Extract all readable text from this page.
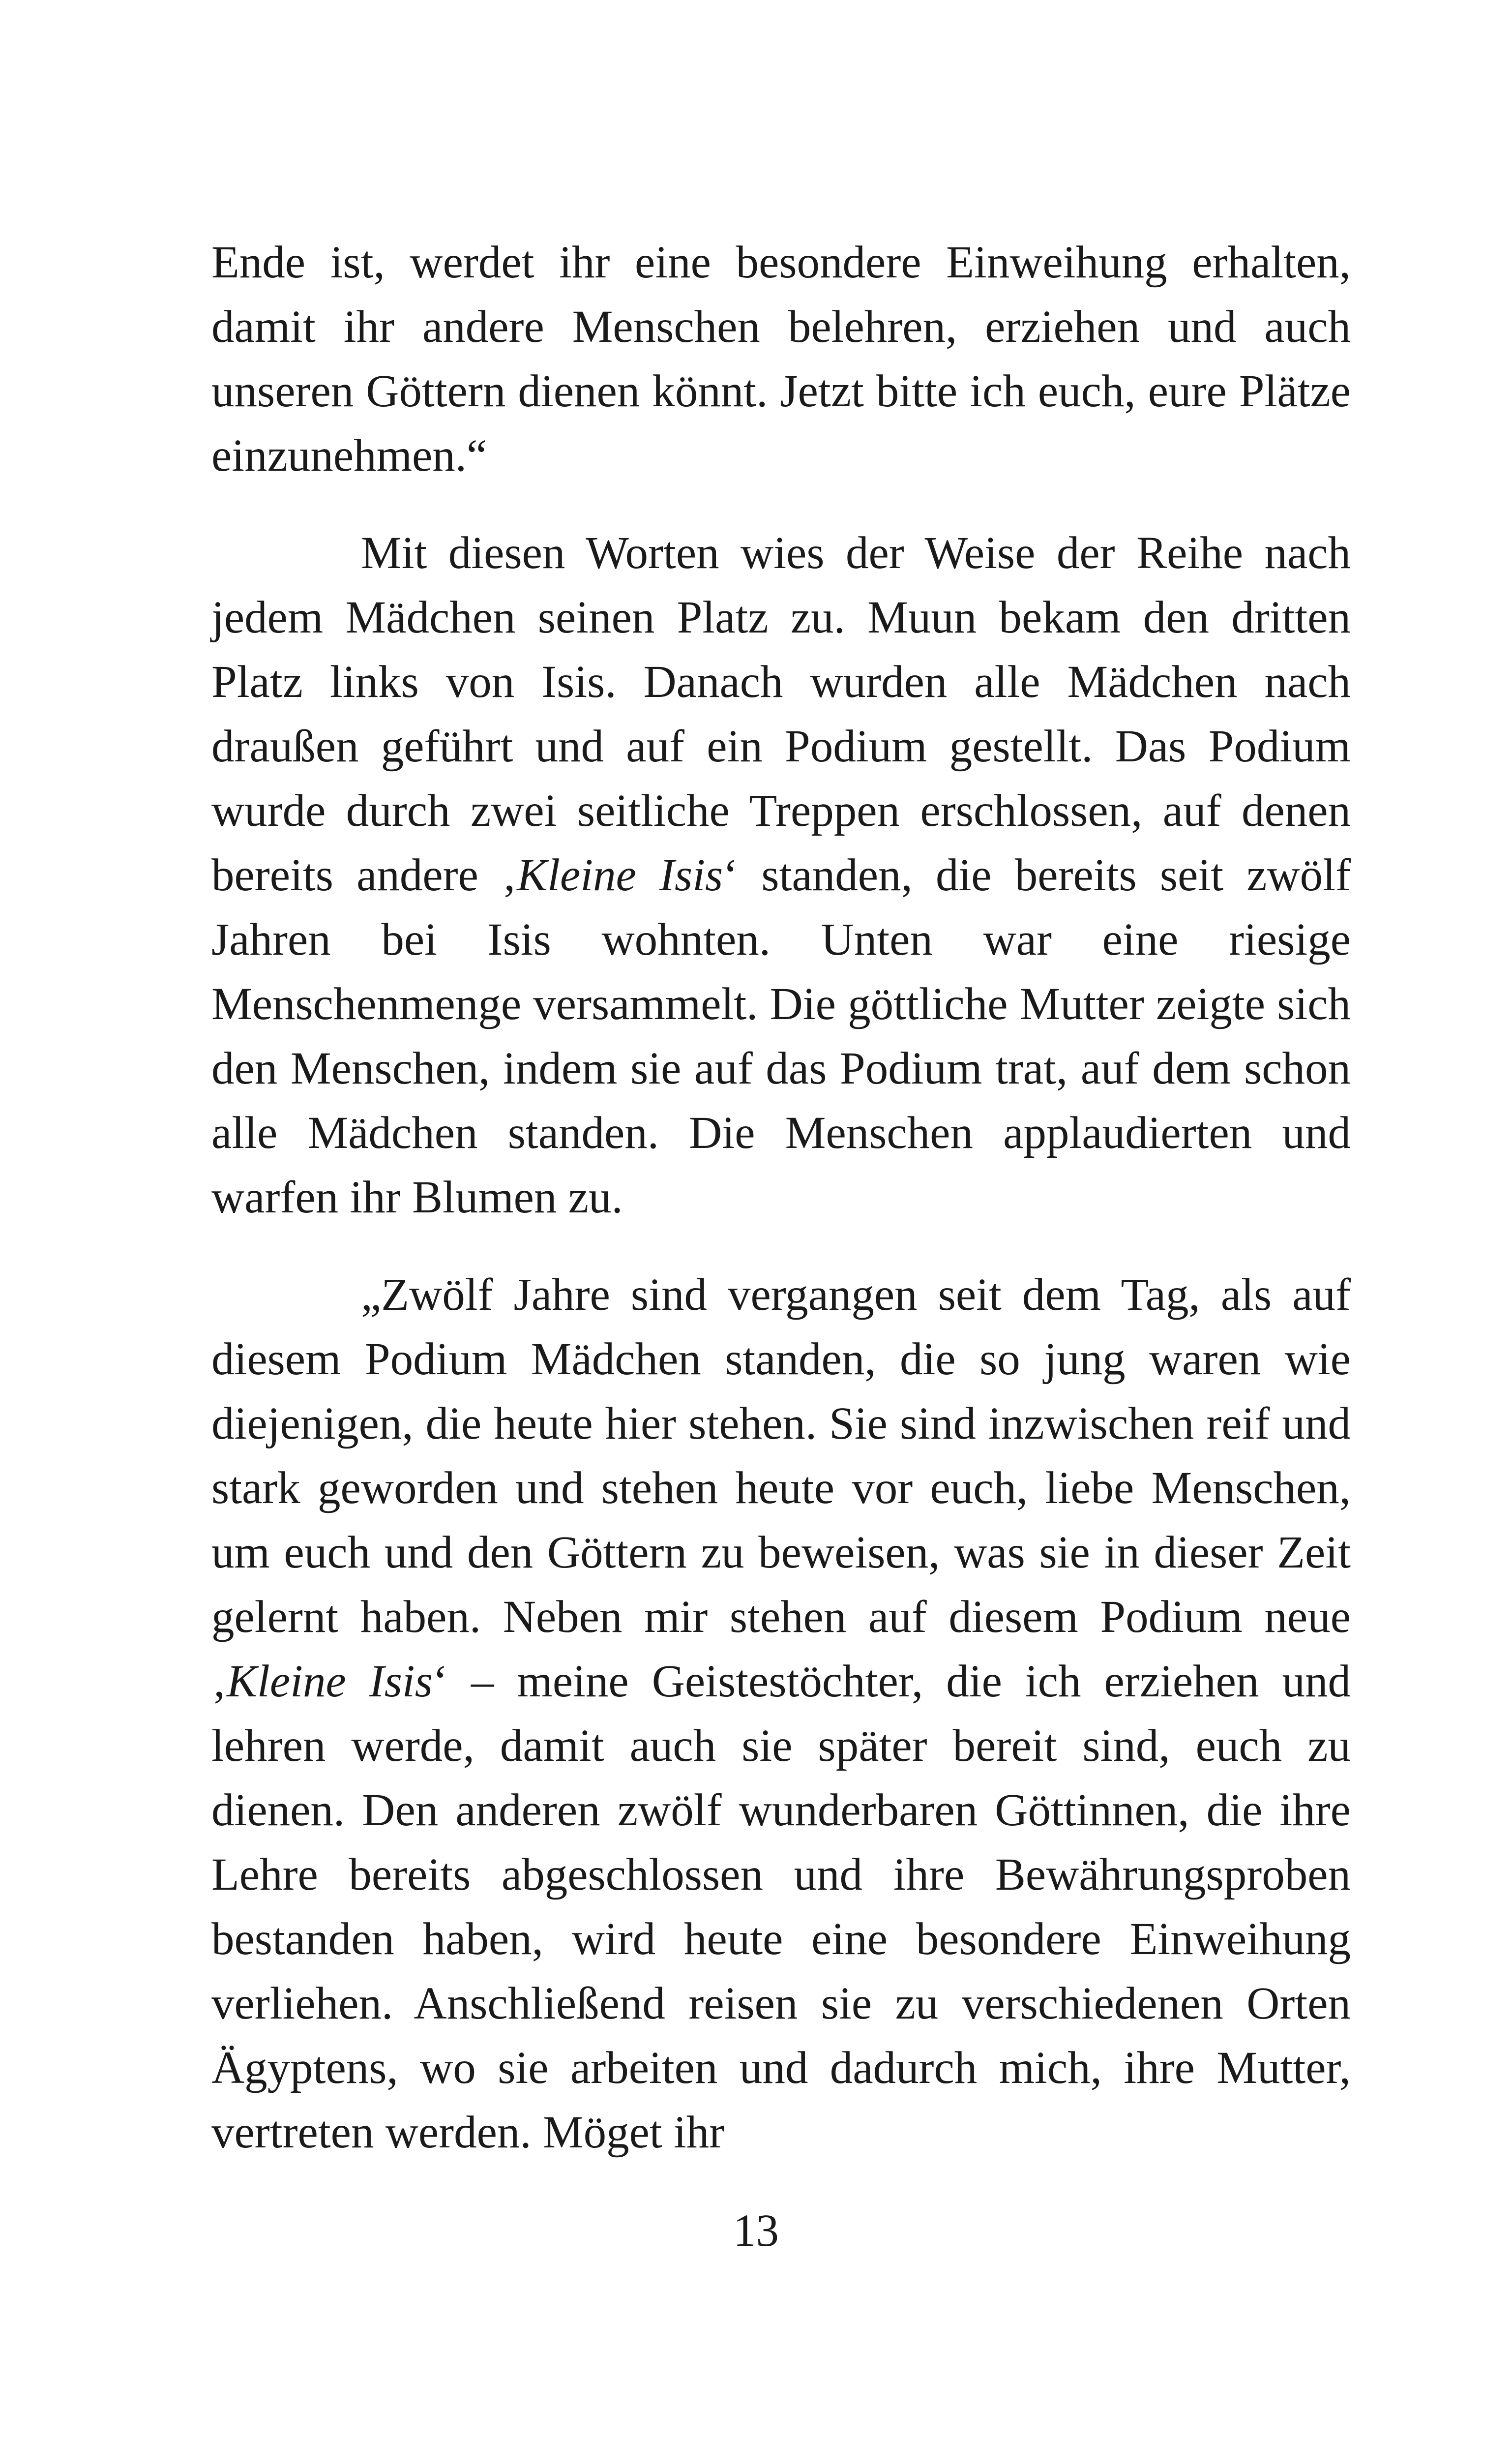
Ende ist, werdet ihr eine besondere Einweihung erhalten, damit ihr andere Menschen belehren, erziehen und auch unseren Göttern dienen könnt. Jetzt bitte ich euch, eure Plätze einzunehmen.“

Mit diesen Worten wies der Weise der Reihe nach jedem Mädchen seinen Platz zu. Muun bekam den dritten Platz links von Isis. Danach wurden alle Mädchen nach draußen geführt und auf ein Podium gestellt. Das Podium wurde durch zwei seitliche Treppen erschlossen, auf denen bereits andere ‚Kleine Isis‘ standen, die bereits seit zwölf Jahren bei Isis wohnten. Unten war eine riesige Menschenmenge versammelt. Die göttliche Mutter zeigte sich den Menschen, indem sie auf das Podium trat, auf dem schon alle Mädchen standen. Die Menschen applaudierten und warfen ihr Blumen zu.

„Zwölf Jahre sind vergangen seit dem Tag, als auf diesem Podium Mädchen standen, die so jung waren wie diejenigen, die heute hier stehen. Sie sind inzwischen reif und stark geworden und stehen heute vor euch, liebe Menschen, um euch und den Göttern zu beweisen, was sie in dieser Zeit gelernt haben. Neben mir stehen auf diesem Podium neue ‚Kleine Isis‘ – meine Geistestöchter, die ich erziehen und lehren werde, damit auch sie später bereit sind, euch zu dienen. Den anderen zwölf wunderbaren Göttinnen, die ihre Lehre bereits abgeschlossen und ihre Bewährungsproben bestanden haben, wird heute eine besondere Einweihung verliehen. Anschließend reisen sie zu verschiedenen Orten Ägyptens, wo sie arbeiten und dadurch mich, ihre Mutter, vertreten werden. Möget ihr

13
